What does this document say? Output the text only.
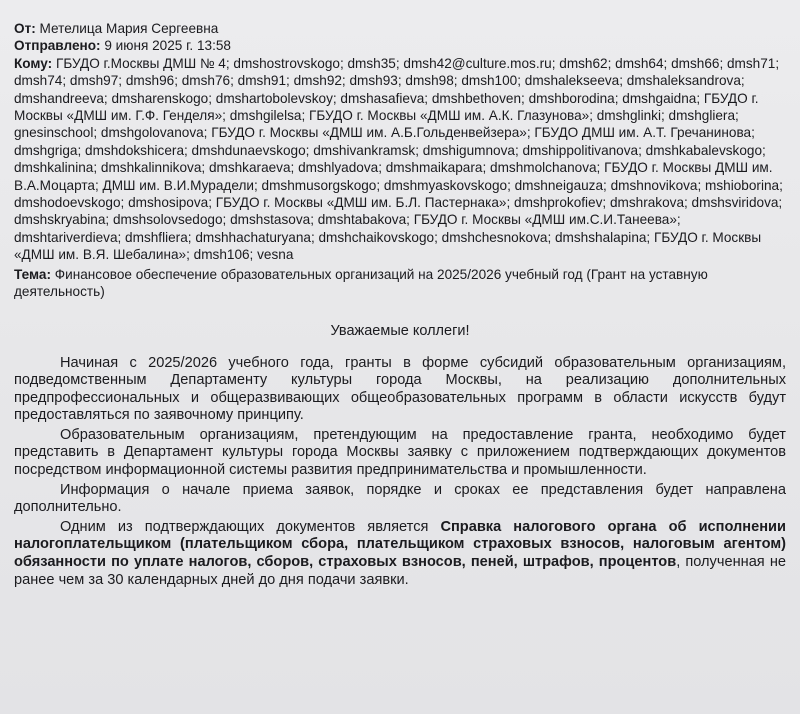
От: Метелица Мария Сергеевна

Отправлено: 9 июня 2025 г. 13:58

Кому: ГБУДО г.Москвы ДМШ № 4; dmshostrovskogo; dmsh35; dmsh42@culture.mos.ru; dmsh62; dmsh64; dmsh66; dmsh71; dmsh74; dmsh97; dmsh96; dmsh76; dmsh91; dmsh92; dmsh93; dmsh98; dmsh100; dmshalekseeva; dmshaleksandrova; dmshandreeva; dmsharenskogo; dmshartobolevskoy; dmshasafieva; dmshbethoven; dmshborodina; dmshgaidna; ГБУДО г. Москвы «ДМШ им. Г.Ф. Генделя»; dmshgilelsa; ГБУДО г. Москвы «ДМШ им. А.К. Глазунова»; dmshglinki; dmshgliera; gnesinschool; dmshgolovanova; ГБУДО г. Москвы «ДМШ им. А.Б.Гольденвейзера»; ГБУДО ДМШ им. А.Т. Гречанинова; dmshgriga; dmshdokshicera; dmshdunaevskogo; dmshivankramsk; dmshigumnova; dmshippolitivanova; dmshkabalevskogo; dmshkalinina; dmshkalinnikova; dmshkaraeva; dmshlyadova; dmshmaikapara; dmshmolchanova; ГБУДО г. Москвы ДМШ им. В.А.Моцарта; ДМШ им. В.И.Мурадели; dmshmusorgskogo; dmshmyaskovskogo; dmshneigauza; dmshnovikova; mshioborina; dmshodoevskogo; dmshosipova; ГБУДО г. Москвы «ДМШ им. Б.Л. Пастернака»; dmshprokofiev; dmshrakova; dmshsviridova; dmshskryabina; dmshsolovsedogo; dmshstasova; dmshtabakova; ГБУДО г. Москвы «ДМШ им.С.И.Танеева»; dmshtariverdieva; dmshfliera; dmshhachaturyana; dmshchaikovskogo; dmshchesnokova; dmshshalapina; ГБУДО г. Москвы «ДМШ им. В.Я. Шебалина»; dmsh106; vesna

Тема: Финансовое обеспечение образовательных организаций на 2025/2026 учебный год (Грант на уставную деятельность)

Уважаемые коллеги!

Начиная с 2025/2026 учебного года, гранты в форме субсидий образовательным организациям, подведомственным Департаменту культуры города Москвы, на реализацию дополнительных предпрофессиональных и общеразвивающих общеобразовательных программ в области искусств будут предоставляться по заявочному принципу.

Образовательным организациям, претендующим на предоставление гранта, необходимо будет представить в Департамент культуры города Москвы заявку с приложением подтверждающих документов посредством информационной системы развития предпринимательства и промышленности.

Информация о начале приема заявок, порядке и сроках ее представления будет направлена дополнительно.

Одним из подтверждающих документов является Справка налогового органа об исполнении налогоплательщиком (плательщиком сбора, плательщиком страховых взносов, налоговым агентом) обязанности по уплате налогов, сборов, страховых взносов, пеней, штрафов, процентов, полученная не ранее чем за 30 календарных дней до дня подачи заявки.
